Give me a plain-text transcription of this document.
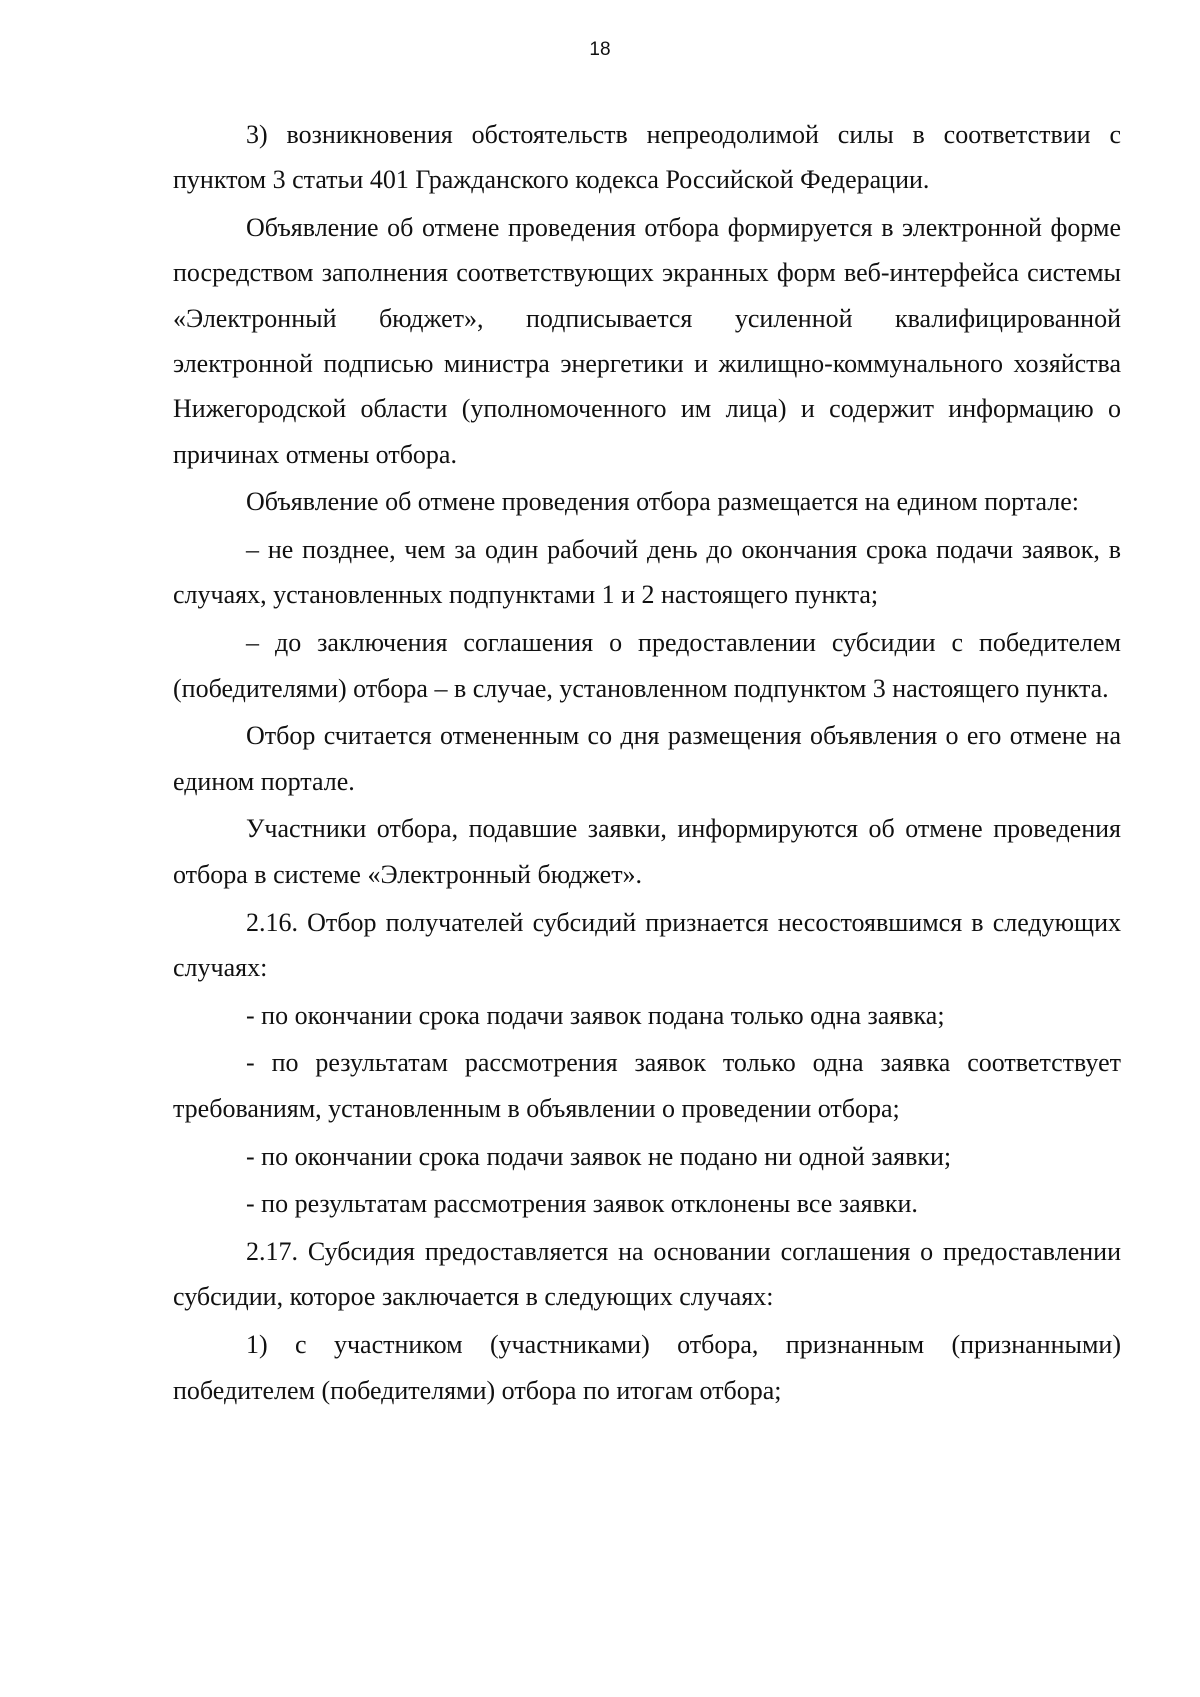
18

3) возникновения обстоятельств непреодолимой силы в соответствии с пунктом 3 статьи 401 Гражданского кодекса Российской Федерации.

Объявление об отмене проведения отбора формируется в электронной форме посредством заполнения соответствующих экранных форм веб-интерфейса системы «Электронный бюджет», подписывается усиленной квалифицированной электронной подписью министра энергетики и жилищно-коммунального хозяйства Нижегородской области (уполномоченного им лица) и содержит информацию о причинах отмены отбора.

Объявление об отмене проведения отбора размещается на едином портале:

– не позднее, чем за один рабочий день до окончания срока подачи заявок, в случаях, установленных подпунктами 1 и 2 настоящего пункта;

– до заключения соглашения о предоставлении субсидии с победителем (победителями) отбора – в случае, установленном подпунктом 3 настоящего пункта.

Отбор считается отмененным со дня размещения объявления о его отмене на едином портале.

Участники отбора, подавшие заявки, информируются об отмене проведения отбора в системе «Электронный бюджет».

2.16. Отбор получателей субсидий признается несостоявшимся в следующих случаях:

- по окончании срока подачи заявок подана только одна заявка;

- по результатам рассмотрения заявок только одна заявка соответствует требованиям, установленным в объявлении о проведении отбора;

- по окончании срока подачи заявок не подано ни одной заявки;

- по результатам рассмотрения заявок отклонены все заявки.

2.17. Субсидия предоставляется на основании соглашения о предоставлении субсидии, которое заключается в следующих случаях:

1) с участником (участниками) отбора, признанным (признанными) победителем (победителями) отбора по итогам отбора;
